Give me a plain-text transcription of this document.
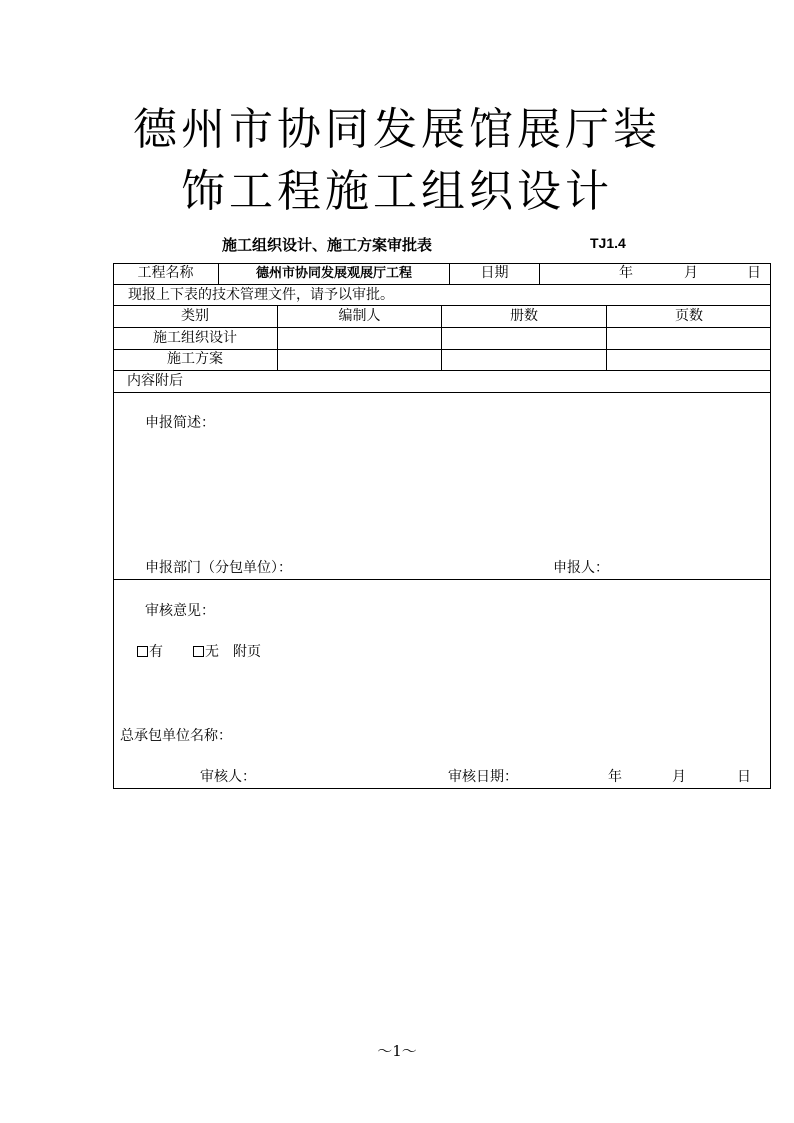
德州市协同发展馆展厅装
饰工程施工组织设计
施工组织设计、施工方案审批表	TJ1.4
工程名称	德州市协同发展观展厅工程	日期	年	月	日
现报上下表的技术管理文件，请予以审批。
类别	编制人	册数	页数
施工组织设计
施工方案
内容附后
申报简述：
申报部门（分包单位）：	申报人：
审核意见：
有	无 附页
总承包单位名称：
审核人：	审核日期：	年	月	日
～1～
